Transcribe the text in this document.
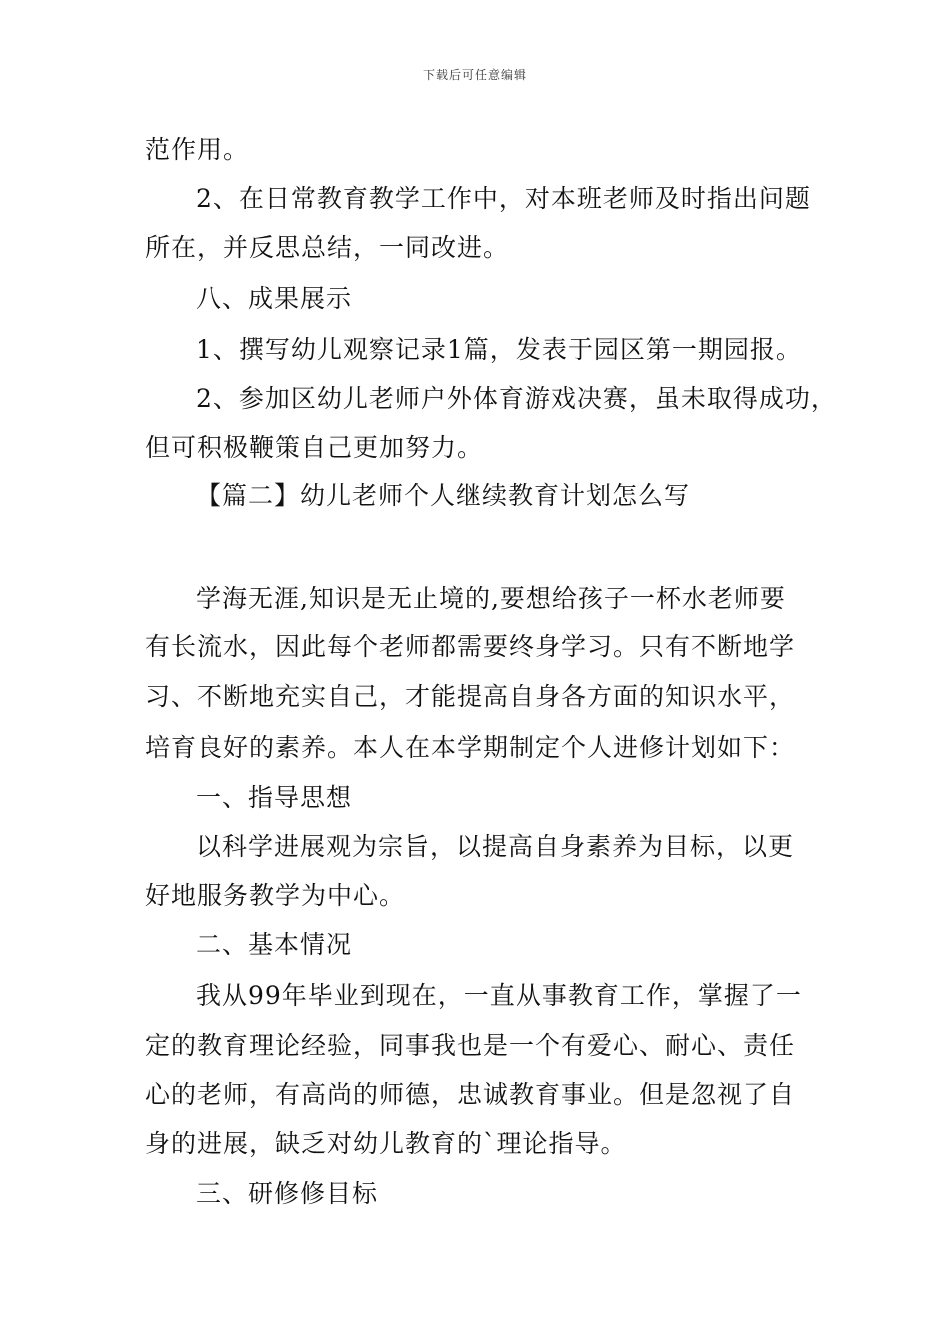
下载后可任意编辑
范作用。
2、在日常教育教学工作中，对本班老师及时指出问题
所在，并反思总结，一同改进。
八、成果展示
1、撰写幼儿观察记录1篇，发表于园区第一期园报。
2、参加区幼儿老师户外体育游戏决赛，虽未取得成功，
但可积极鞭策自己更加努力。
【篇二】幼儿老师个人继续教育计划怎么写
学海无涯,知识是无止境的,要想给孩子一杯水老师要
有长流水，因此每个老师都需要终身学习。只有不断地学
习、不断地充实自己，才能提高自身各方面的知识水平，
培育良好的素养。本人在本学期制定个人进修计划如下：
一、指导思想
以科学进展观为宗旨，以提高自身素养为目标，以更
好地服务教学为中心。
二、基本情况
我从99年毕业到现在，一直从事教育工作，掌握了一
定的教育理论经验，同事我也是一个有爱心、耐心、责任
心的老师，有高尚的师德，忠诚教育事业。但是忽视了自
身的进展，缺乏对幼儿教育的`理论指导。
三、研修修目标
